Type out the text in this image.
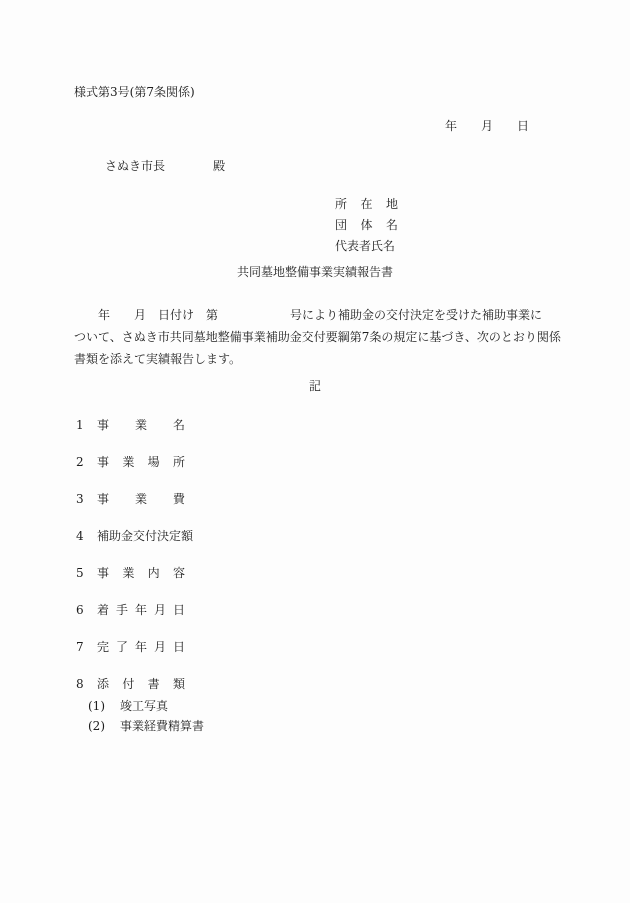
様式第3号(第7条関係)
年　　月　　日
さぬき市長	殿
所在地
団体名
代表者氏名
共同墓地整備事業実績報告書
　　年　　月　日付け　第　　　　　　号により補助金の交付決定を受けた補助事業に
ついて、さぬき市共同墓地整備事業補助金交付要綱第7条の規定に基づき、次のとおり関係
書類を添えて実績報告します。
記
1 事業名
2 事業場所
3 事業費
4 補助金交付決定額
5 事業内容
6 着手年月日
7 完了年月日
8 添付書類
(1) 竣工写真
(2) 事業経費精算書
